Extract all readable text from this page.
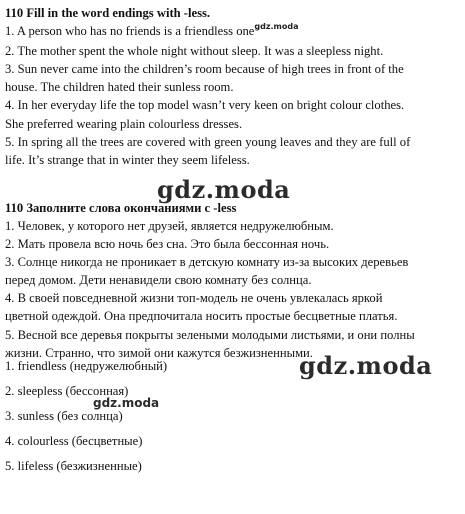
110 Fill in the word endings with -less.
1. A person who has no friends is a friendless one$^{gdz.moda}$
2. The mother spent the whole night without sleep. It was a sleepless night.
3. Sun never came into the children’s room because of high trees in front of the
house. The children hated their sunless room.
4. In her everyday life the top model wasn’t very keen on bright colour clothes.
She preferred wearing plain colourless dresses.
5. In spring all the trees are covered with green young leaves and they are full of
life. It’s strange that in winter they seem lifeless.
110 Заполните слова окончаниями с -less
1. Человек, у которого нет друзей, является недружелюбным.
2. Мать провела всю ночь без сна. Это была бессонная ночь.
3. Солнце никогда не проникает в детскую комнату из-за высоких деревьев
перед домом. Дети ненавидели свою комнату без солнца.
4. В своей повседневной жизни топ-модель не очень увлекалась яркой
цветной одеждой. Она предпочитала носить простые бесцветные платья.
5. Весной все деревья покрыты зелеными молодыми листьями, и они полны
жизни. Странно, что зимой они кажутся безжизненными.
1. friendless (недружелюбный)
2. sleepless (бессонная)
3. sunless (без солнца)
4. colourless (бесцветные)
5. lifeless (безжизненные)
gdz.moda
gdz.moda
gdz.moda
